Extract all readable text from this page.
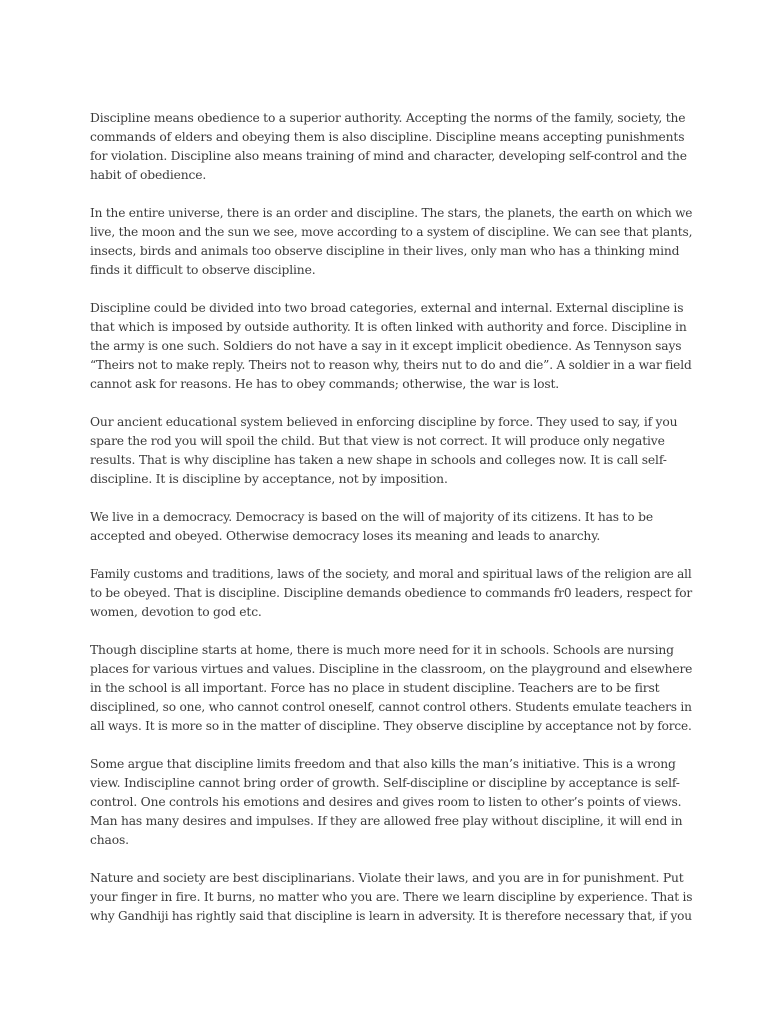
Discipline means obedience to a superior authority. Accepting the norms of the family, society, the
commands of elders and obeying them is also discipline. Discipline means accepting punishments
for violation. Discipline also means training of mind and character, developing self-control and the
habit of obedience.

In the entire universe, there is an order and discipline. The stars, the planets, the earth on which we
live, the moon and the sun we see, move according to a system of discipline. We can see that plants,
insects, birds and animals too observe discipline in their lives, only man who has a thinking mind
finds it difficult to observe discipline.

Discipline could be divided into two broad categories, external and internal. External discipline is
that which is imposed by outside authority. It is often linked with authority and force. Discipline in
the army is one such. Soldiers do not have a say in it except implicit obedience. As Tennyson says
“Theirs not to make reply. Theirs not to reason why, theirs nut to do and die”. A soldier in a war field
cannot ask for reasons. He has to obey commands; otherwise, the war is lost.

Our ancient educational system believed in enforcing discipline by force. They used to say, if you
spare the rod you will spoil the child. But that view is not correct. It will produce only negative
results. That is why discipline has taken a new shape in schools and colleges now. It is call self-
discipline. It is discipline by acceptance, not by imposition.

We live in a democracy. Democracy is based on the will of majority of its citizens. It has to be
accepted and obeyed. Otherwise democracy loses its meaning and leads to anarchy.

Family customs and traditions, laws of the society, and moral and spiritual laws of the religion are all
to be obeyed. That is discipline. Discipline demands obedience to commands fr0 leaders, respect for
women, devotion to god etc.

Though discipline starts at home, there is much more need for it in schools. Schools are nursing
places for various virtues and values. Discipline in the classroom, on the playground and elsewhere
in the school is all important. Force has no place in student discipline. Teachers are to be first
disciplined, so one, who cannot control oneself, cannot control others. Students emulate teachers in
all ways. It is more so in the matter of discipline. They observe discipline by acceptance not by force.

Some argue that discipline limits freedom and that also kills the man’s initiative. This is a wrong
view. Indiscipline cannot bring order of growth. Self-discipline or discipline by acceptance is self-
control. One controls his emotions and desires and gives room to listen to other’s points of views.
Man has many desires and impulses. If they are allowed free play without discipline, it will end in
chaos.

Nature and society are best disciplinarians. Violate their laws, and you are in for punishment. Put
your finger in fire. It burns, no matter who you are. There we learn discipline by experience. That is
why Gandhiji has rightly said that discipline is learn in adversity. It is therefore necessary that, if you
